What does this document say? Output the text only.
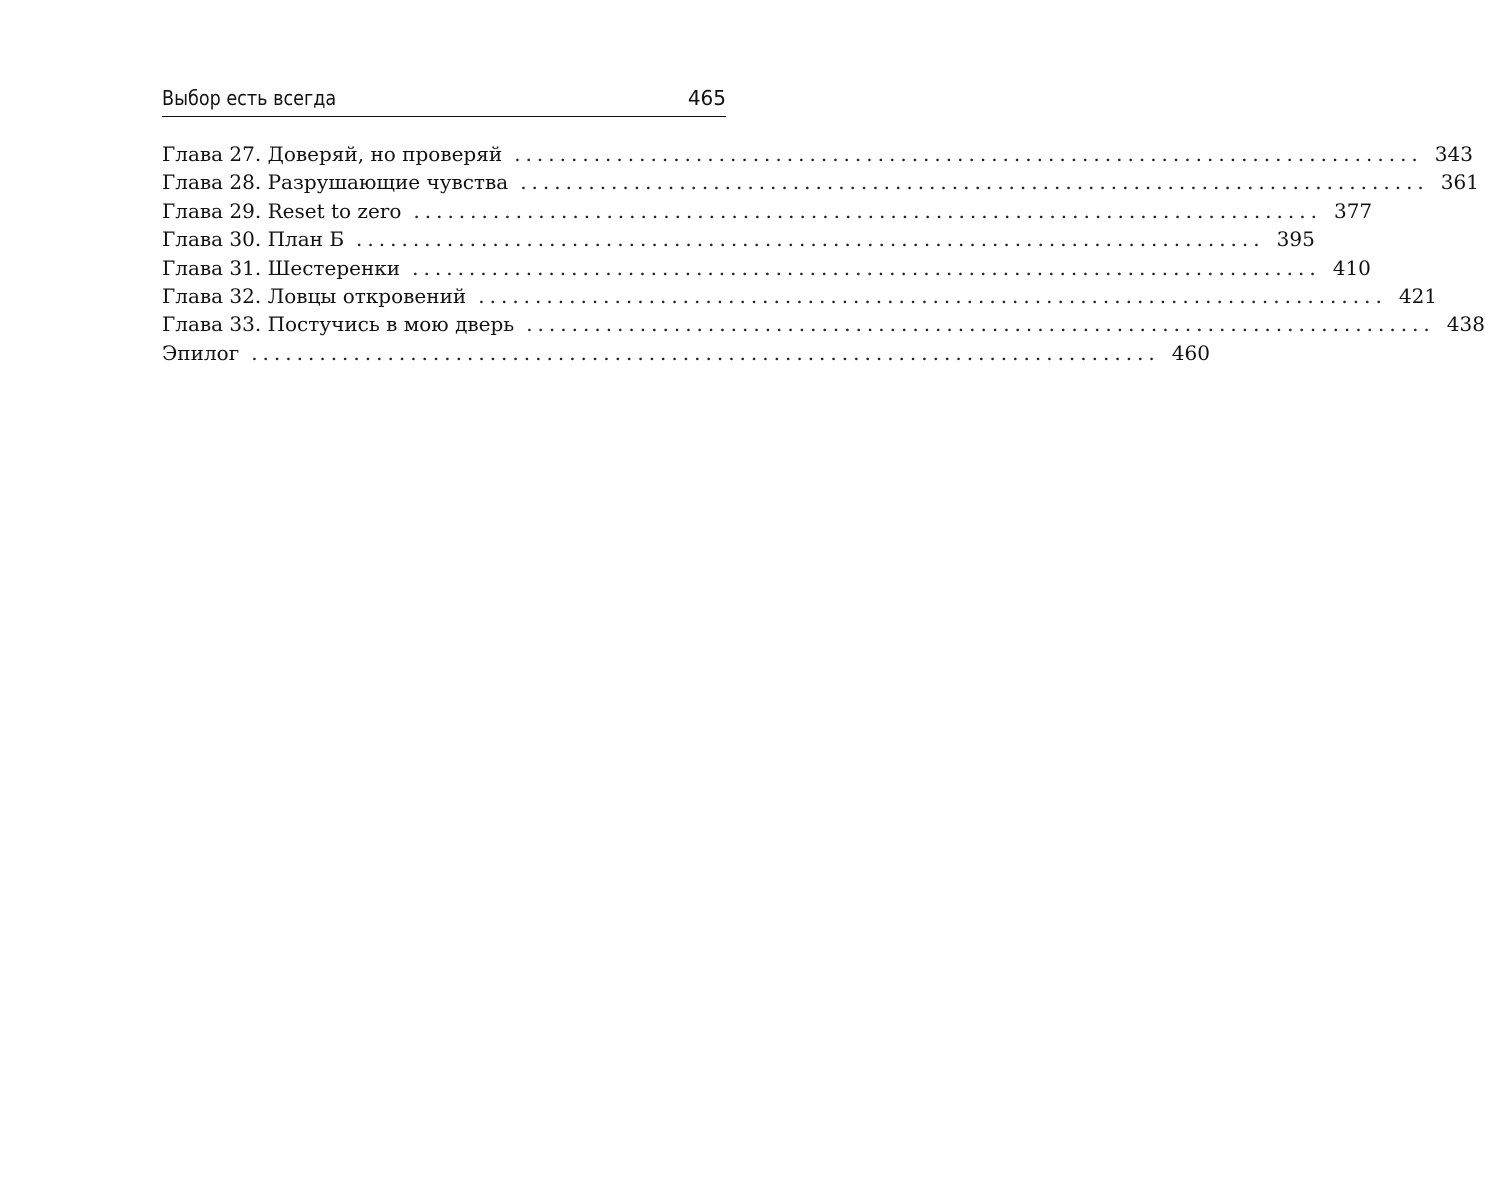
Выбор есть всегда	465
Глава 27. Доверяй, но проверяй ................................................................................ 343
Глава 28. Разрушающие чувства ................................................................................ 361
Глава 29. Reset to zero ................................................................................ 377
Глава 30. План Б ................................................................................ 395
Глава 31. Шестеренки ................................................................................ 410
Глава 32. Ловцы откровений ................................................................................ 421
Глава 33. Постучись в мою дверь ................................................................................ 438
Эпилог ................................................................................ 460
